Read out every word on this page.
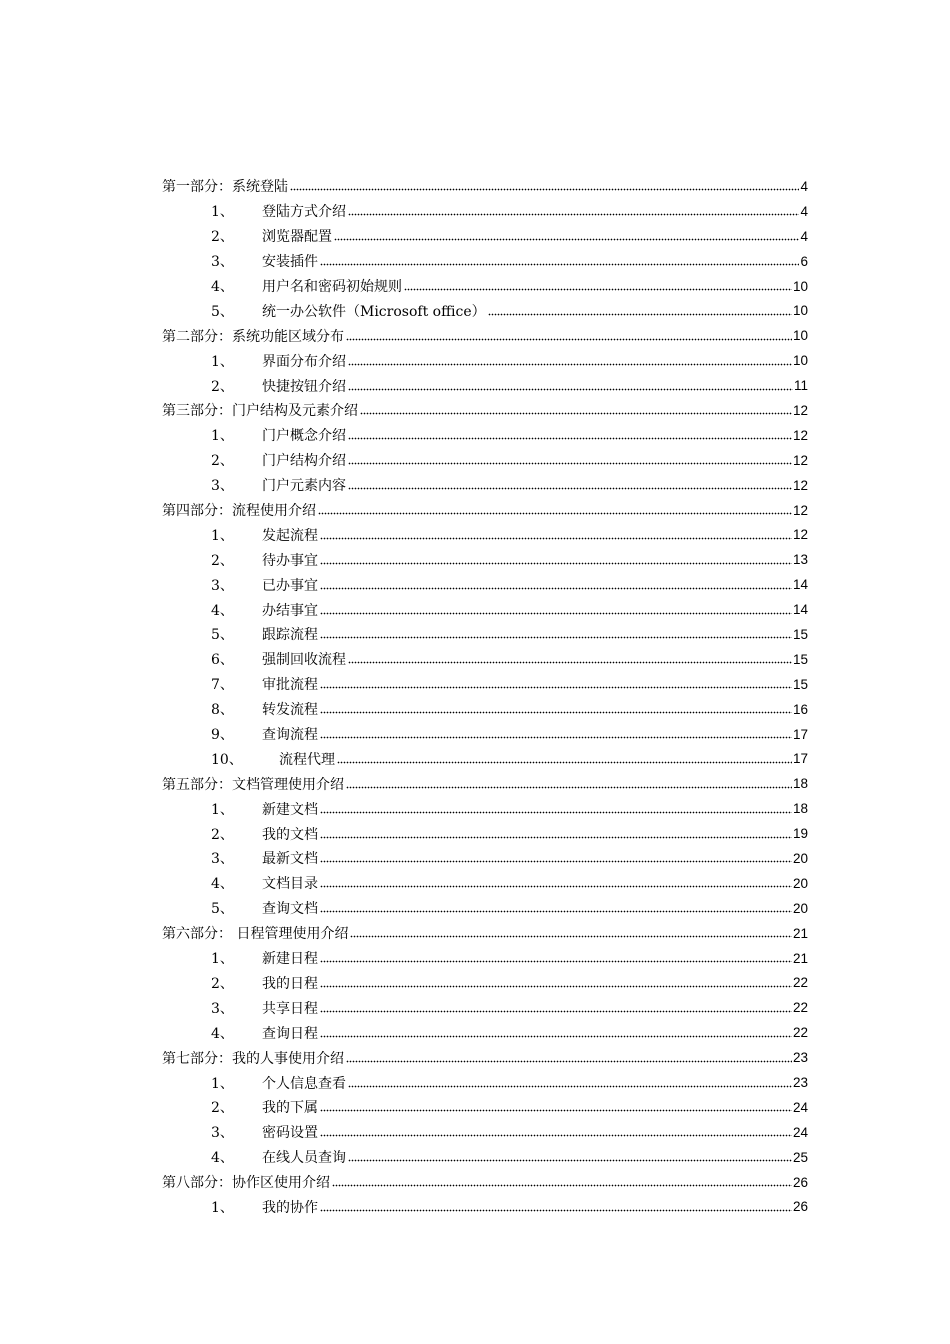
第一部分：系统登陆	4
1、	登陆方式介绍	4
2、	浏览器配置	4
3、	安装插件	6
4、	用户名和密码初始规则	10
5、	统一办公软件（Microsoft office）	10
第二部分：系统功能区域分布	10
1、	界面分布介绍	10
2、	快捷按钮介绍	11
第三部分：门户结构及元素介绍	12
1、	门户概念介绍	12
2、	门户结构介绍	12
3、	门户元素内容	12
第四部分：流程使用介绍	12
1、	发起流程	12
2、	待办事宜	13
3、	已办事宜	14
4、	办结事宜	14
5、	跟踪流程	15
6、	强制回收流程	15
7、	审批流程	15
8、	转发流程	16
9、	查询流程	17
10、	流程代理	17
第五部分：文档管理使用介绍	18
1、	新建文档	18
2、	我的文档	19
3、	最新文档	20
4、	文档目录	20
5、	查询文档	20
第六部分： 日程管理使用介绍	21
1、	新建日程	21
2、	我的日程	22
3、	共享日程	22
4、	查询日程	22
第七部分：我的人事使用介绍	23
1、	个人信息查看	23
2、	我的下属	24
3、	密码设置	24
4、	在线人员查询	25
第八部分：协作区使用介绍	26
1、	我的协作	26
